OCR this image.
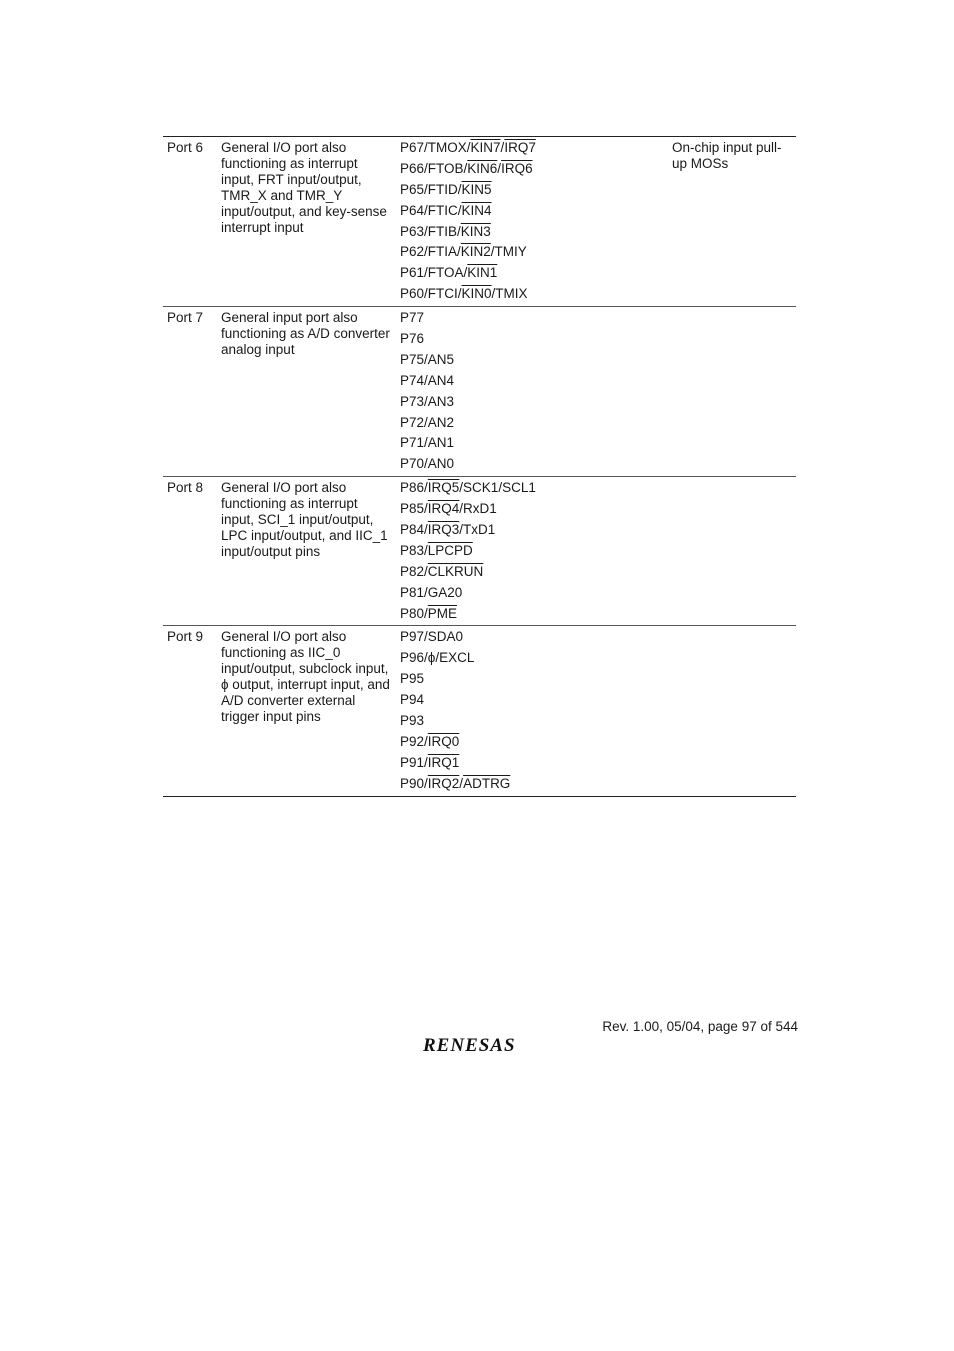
Port 6 General I/O port also functioning as interrupt input, FRT input/output, TMR_X and TMR_Y input/output, and key-sense interrupt input
P67/TMOX/KIN7/IRQ7
P66/FTOB/KIN6/IRQ6
P65/FTID/KIN5
P64/FTIC/KIN4
P63/FTIB/KIN3
P62/FTIA/KIN2/TMIY
P61/FTOA/KIN1
P60/FTCI/KIN0/TMIX
On-chip input pull-up MOSs
Port 7 General input port also functioning as A/D converter analog input
P77
P76
P75/AN5
P74/AN4
P73/AN3
P72/AN2
P71/AN1
P70/AN0
Port 8 General I/O port also functioning as interrupt input, SCI_1 input/output, LPC input/output, and IIC_1 input/output pins
P86/IRQ5/SCK1/SCL1
P85/IRQ4/RxD1
P84/IRQ3/TxD1
P83/LPCPD
P82/CLKRUN
P81/GA20
$P80/\overline{PME}$
Port 9 General I/O port also functioning as IIC_0 input/output, subclock input, ϕ output, interrupt input, and A/D converter external trigger input pins
P97/SDA0
P96/ϕ/EXCL
P95
P94
P93
P92/IRQ0
P91/IRQ1
P90/IRQ2/ADTRG
Rev. 1.00, 05/04, page 97 of 544
RENESAS
